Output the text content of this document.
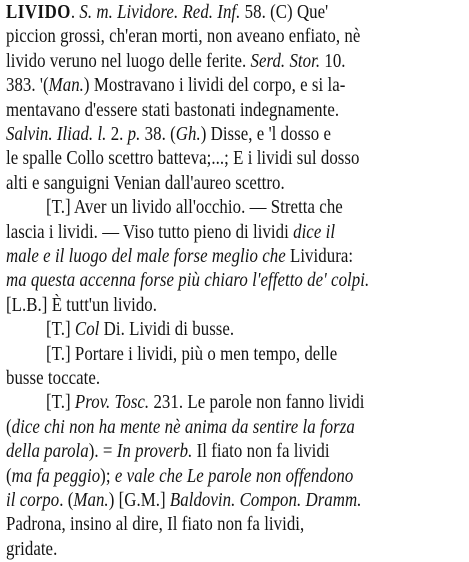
LIVIDO. S. m. Lividore. Red. Inf. 58. (C) Que'
piccion grossi, ch'eran morti, non aveano enfiato, nè
livido veruno nel luogo delle ferite. Serd. Stor. 10.
383. '(Man.) Mostravano i lividi del corpo, e si la-
mentavano d'essere stati bastonati indegnamente.
Salvin. Iliad. l. 2. p. 38. (Gh.) Disse, e 'l dosso e
le spalle Collo scettro batteva;...; E i lividi sul dosso
alti e sanguigni Venian dall'aureo scettro.
[T.] Aver un livido all'occhio. — Stretta che
lascia i lividi. — Viso tutto pieno di lividi dice il
male e il luogo del male forse meglio che Lividura:
ma questa accenna forse più chiaro l'effetto de' colpi.
[L.B.] È tutt'un livido.
[T.] Col Di. Lividi di busse.
[T.] Portare i lividi, più o men tempo, delle
busse toccate.
[T.] Prov. Tosc. 231. Le parole non fanno lividi
(dice chi non ha mente nè anima da sentire la forza
della parola). = In proverb. Il fiato non fa lividi
(ma fa peggio); e vale che Le parole non offendono
il corpo. (Man.) [G.M.] Baldovin. Compon. Dramm.
Padrona, insino al dire, Il fiato non fa lividi,
gridate.
